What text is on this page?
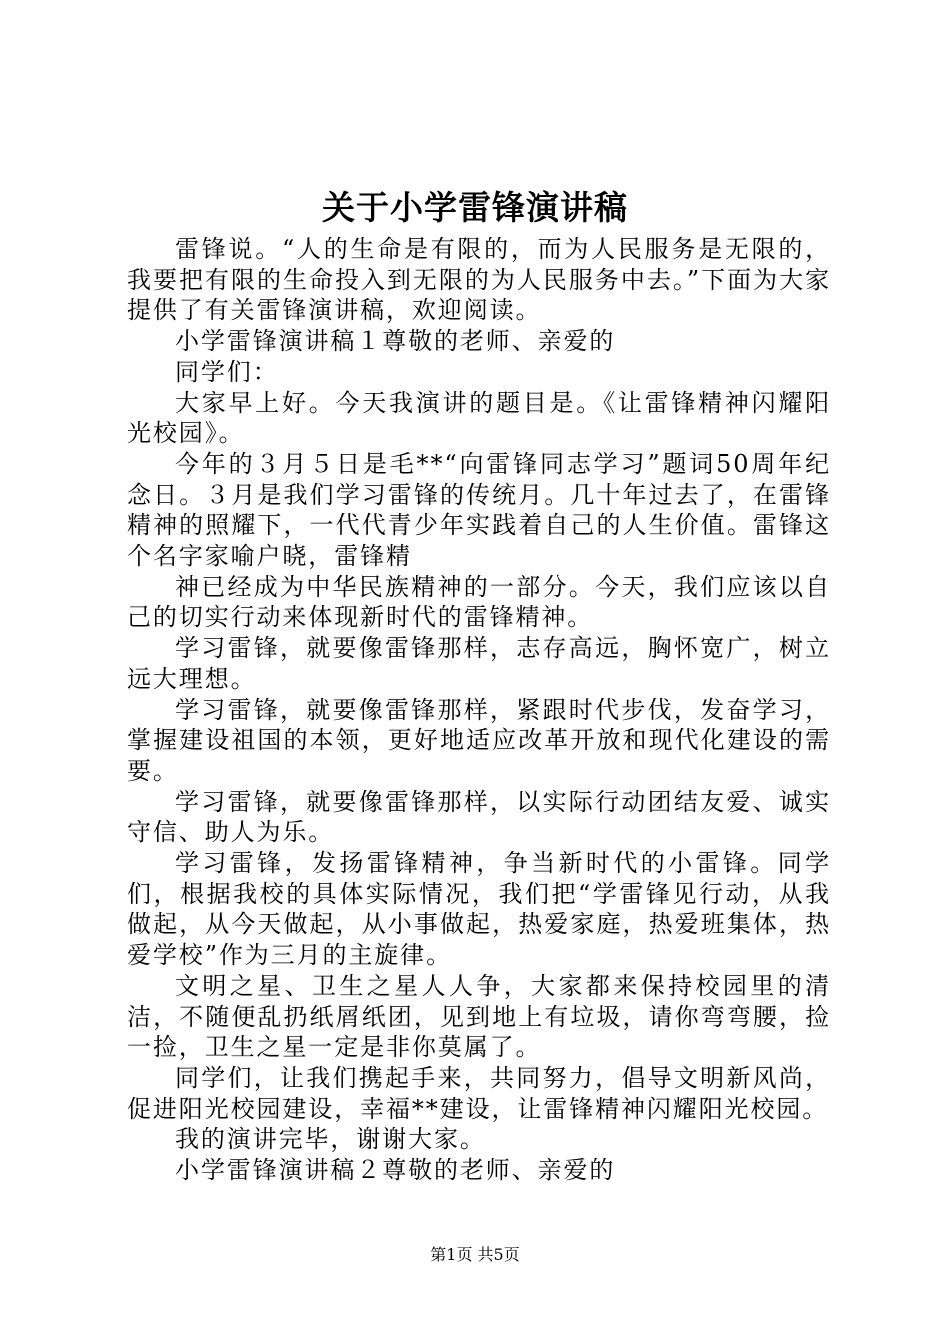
关于小学雷锋演讲稿

雷锋说。“人的生命是有限的，而为人民服务是无限的，我要把有限的生命投入到无限的为人民服务中去。”下面为大家提供了有关雷锋演讲稿，欢迎阅读。

小学雷锋演讲稿１尊敬的老师、亲爱的

同学们：

大家早上好。今天我演讲的题目是。《让雷锋精神闪耀阳光校园》。

今年的３月５日是毛**“向雷锋同志学习”题词50周年纪念日。３月是我们学习雷锋的传统月。几十年过去了，在雷锋精神的照耀下，一代代青少年实践着自己的人生价值。雷锋这个名字家喻户晓，雷锋精

神已经成为中华民族精神的一部分。今天，我们应该以自己的切实行动来体现新时代的雷锋精神。

学习雷锋，就要像雷锋那样，志存高远，胸怀宽广，树立远大理想。

学习雷锋，就要像雷锋那样，紧跟时代步伐，发奋学习，掌握建设祖国的本领，更好地适应改革开放和现代化建设的需要。

学习雷锋，就要像雷锋那样，以实际行动团结友爱、诚实守信、助人为乐。

学习雷锋，发扬雷锋精神，争当新时代的小雷锋。同学们，根据我校的具体实际情况，我们把“学雷锋见行动，从我做起，从今天做起，从小事做起，热爱家庭，热爱班集体，热爱学校”作为三月的主旋律。

文明之星、卫生之星人人争，大家都来保持校园里的清洁，不随便乱扔纸屑纸团，见到地上有垃圾，请你弯弯腰，捡一捡，卫生之星一定是非你莫属了。

同学们，让我们携起手来，共同努力，倡导文明新风尚，促进阳光校园建设，幸福**建设，让雷锋精神闪耀阳光校园。

我的演讲完毕，谢谢大家。

小学雷锋演讲稿２尊敬的老师、亲爱的

第1页 共5页
